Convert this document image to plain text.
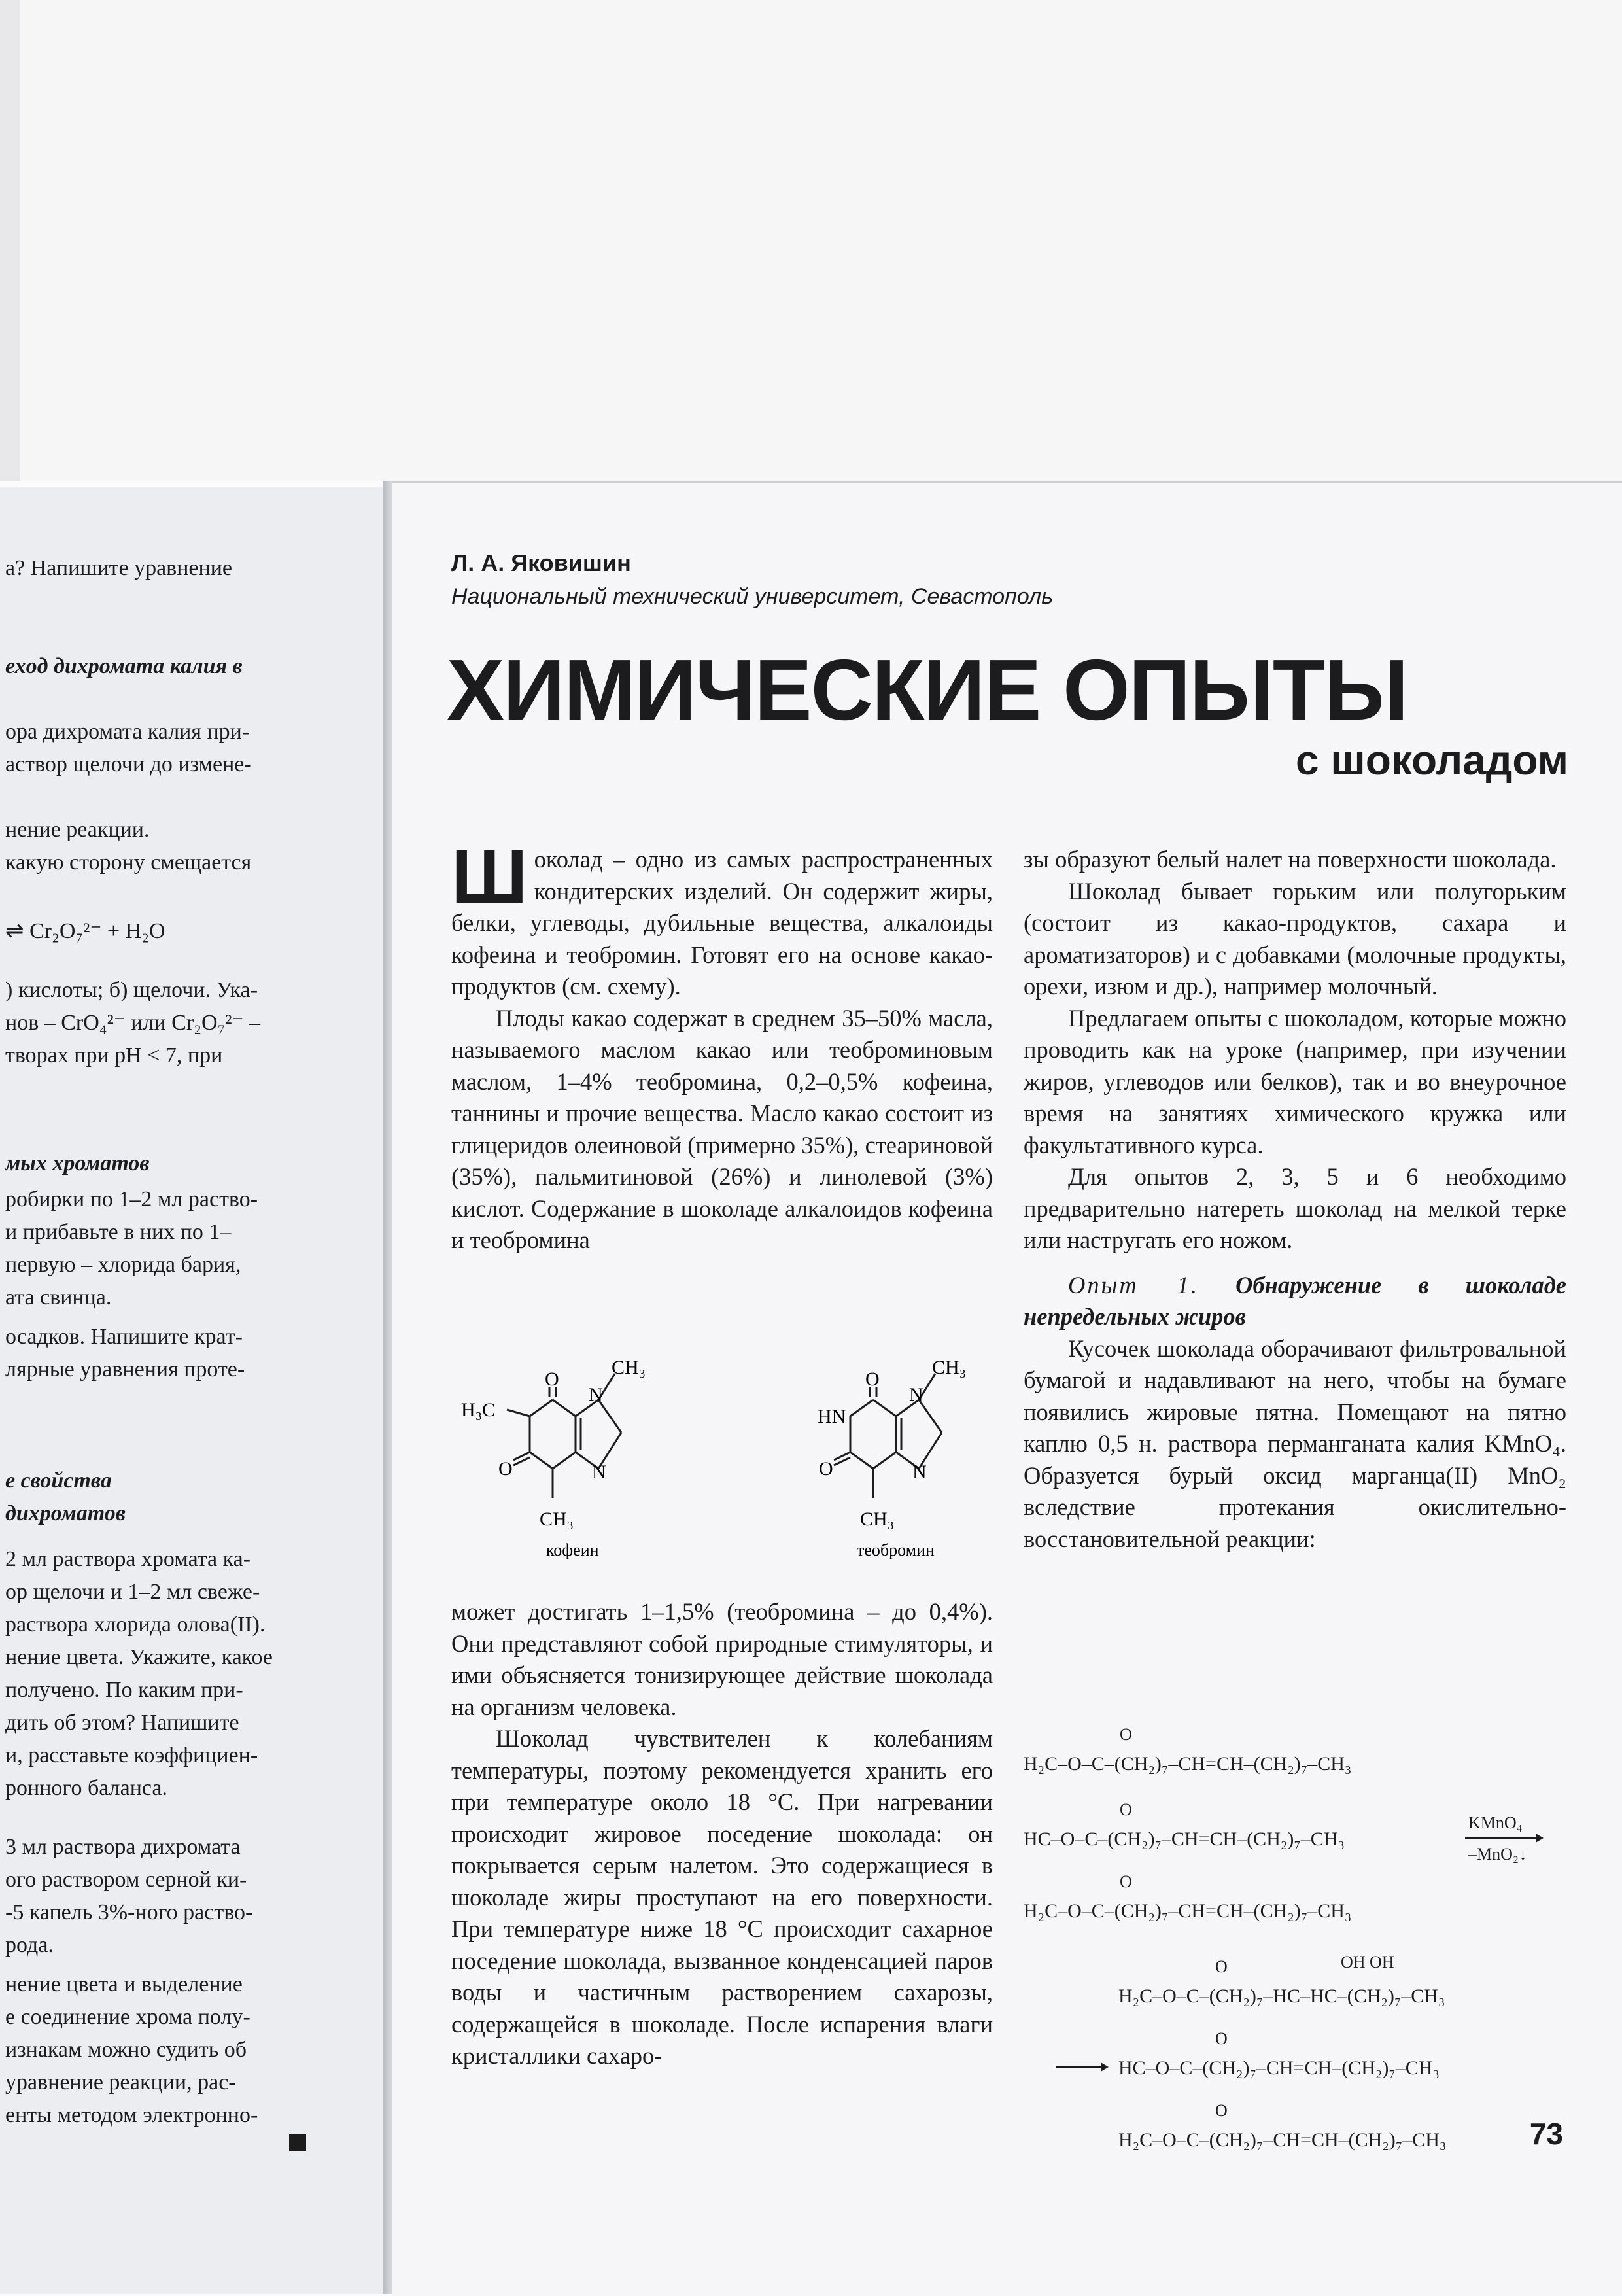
а? Напишите уравнение
ехoд дихромата калия в
ора дихромата калия при-
аствор щелочи до измене-
нение реакции.
какую сторону смещается
⇌ Cr₂O₇²⁻ + H₂O
) кислоты; б) щелочи. Ука-
нов – CrO₄²⁻ или Cr₂O₇²⁻ –
творах при pH < 7, при
мых хроматов
робирки по 1–2 мл раство-
и прибавьте в них по 1–
первую – хлорида бария,
ата свинца.
осадков. Напишите крат-
лярные уравнения проте-
е свойства
дихроматов
2 мл раствора хромата ка-
ор щелочи и 1–2 мл свеже-
раствора хлорида олова(II).
нение цвета. Укажите, какое
получено. По каким при-
дить об этом? Напишите
и, расставьте коэффициен-
ронного баланса.
3 мл раствора дихромата
ого раствором серной ки-
-5 капель 3%-ного раство-
рода.
нение цвета и выделение
е соединение хрома полу-
изнакам можно судить об
уравнение реакции, рас-
енты методом электронно-
Л. А. Яковишин
Национальный технический университет, Севастополь
ХИМИЧЕСКИЕ ОПЫТЫ
с шоколадом

Шоколад – одно из самых распространенных кондитерских изделий. Он содержит жиры, белки, углеводы, дубильные вещества, алкалоиды кофеина и теобромин. Готовят его на основе какао-продуктов (см. схему).

Плоды какао содержат в среднем 35–50% масла, называемого маслом какао или теоброминовым маслом, 1–4% теобромина, 0,2–0,5% кофеина, таннины и прочие вещества. Масло какао состоит из глицеридов олеиновой (примерно 35%), стеариновой (35%), пальмитиновой (26%) и линолевой (3%) кислот. Содержание в шоколаде алкалоидов кофеина и теобромина

O
O
N
N
CH₃
H₃C
CH₃
кофеин
O
O
N
N
CH₃
HN
CH₃
теобромин

может достигать 1–1,5% (теобромина – до 0,4%). Они представляют собой природные стимуляторы, и ими объясняется тонизирующее действие шоколада на организм человека.

Шоколад чувствителен к колебаниям температуры, поэтому рекомендуется хранить его при температуре около 18 °С. При нагревании происходит жировое поседение шоколада: он покрывается серым налетом. Это содержащиеся в шоколаде жиры проступают на его поверхности. При температуре ниже 18 °С происходит сахарное поседение шоколада, вызванное конденсацией паров воды и частичным растворением сахарозы, содержащейся в шоколаде. После испарения влаги кристаллики сахаро-

зы образуют белый налет на поверхности шоколада.

Шоколад бывает горьким или полугорьким (состоит из какао-продуктов, сахара и ароматизаторов) и с добавками (молочные продукты, орехи, изюм и др.), например молочный.

Предлагаем опыты с шоколадом, которые можно проводить как на уроке (например, при изучении жиров, углеводов или белков), так и во внеурочное время на занятиях химического кружка или факультативного курса.

Для опытов 2, 3, 5 и 6 необходимо предварительно натереть шоколад на мелкой терке или настругать его ножом.

Опыт 1. Обнаружение в шоколаде непредельных жиров

Кусочек шоколада оборачивают фильтровальной бумагой и надавливают на него, чтобы на бумаге появились жировые пятна. Помещают на пятно каплю 0,5 н. раствора перманганата калия KMnO₄. Образуется бурый оксид марганца(II) MnO₂ вследствие протекания окислительно-восстановительной реакции:

H₂C–O–C–(CH₂)₇–CH=CH–(CH₂)₇–CH₃
HC–O–C–(CH₂)₇–CH=CH–(CH₂)₇–CH₃
H₂C–O–C–(CH₂)₇–CH=CH–(CH₂)₇–CH₃
O
O
O
KMnO₄
–MnO₂↓
OH OH
H₂C–O–C–(CH₂)₇–HC–HC–(CH₂)₇–CH₃
HC–O–C–(CH₂)₇–CH=CH–(CH₂)₇–CH₃
H₂C–O–C–(CH₂)₇–CH=CH–(CH₂)₇–CH₃
O
O
O
73
